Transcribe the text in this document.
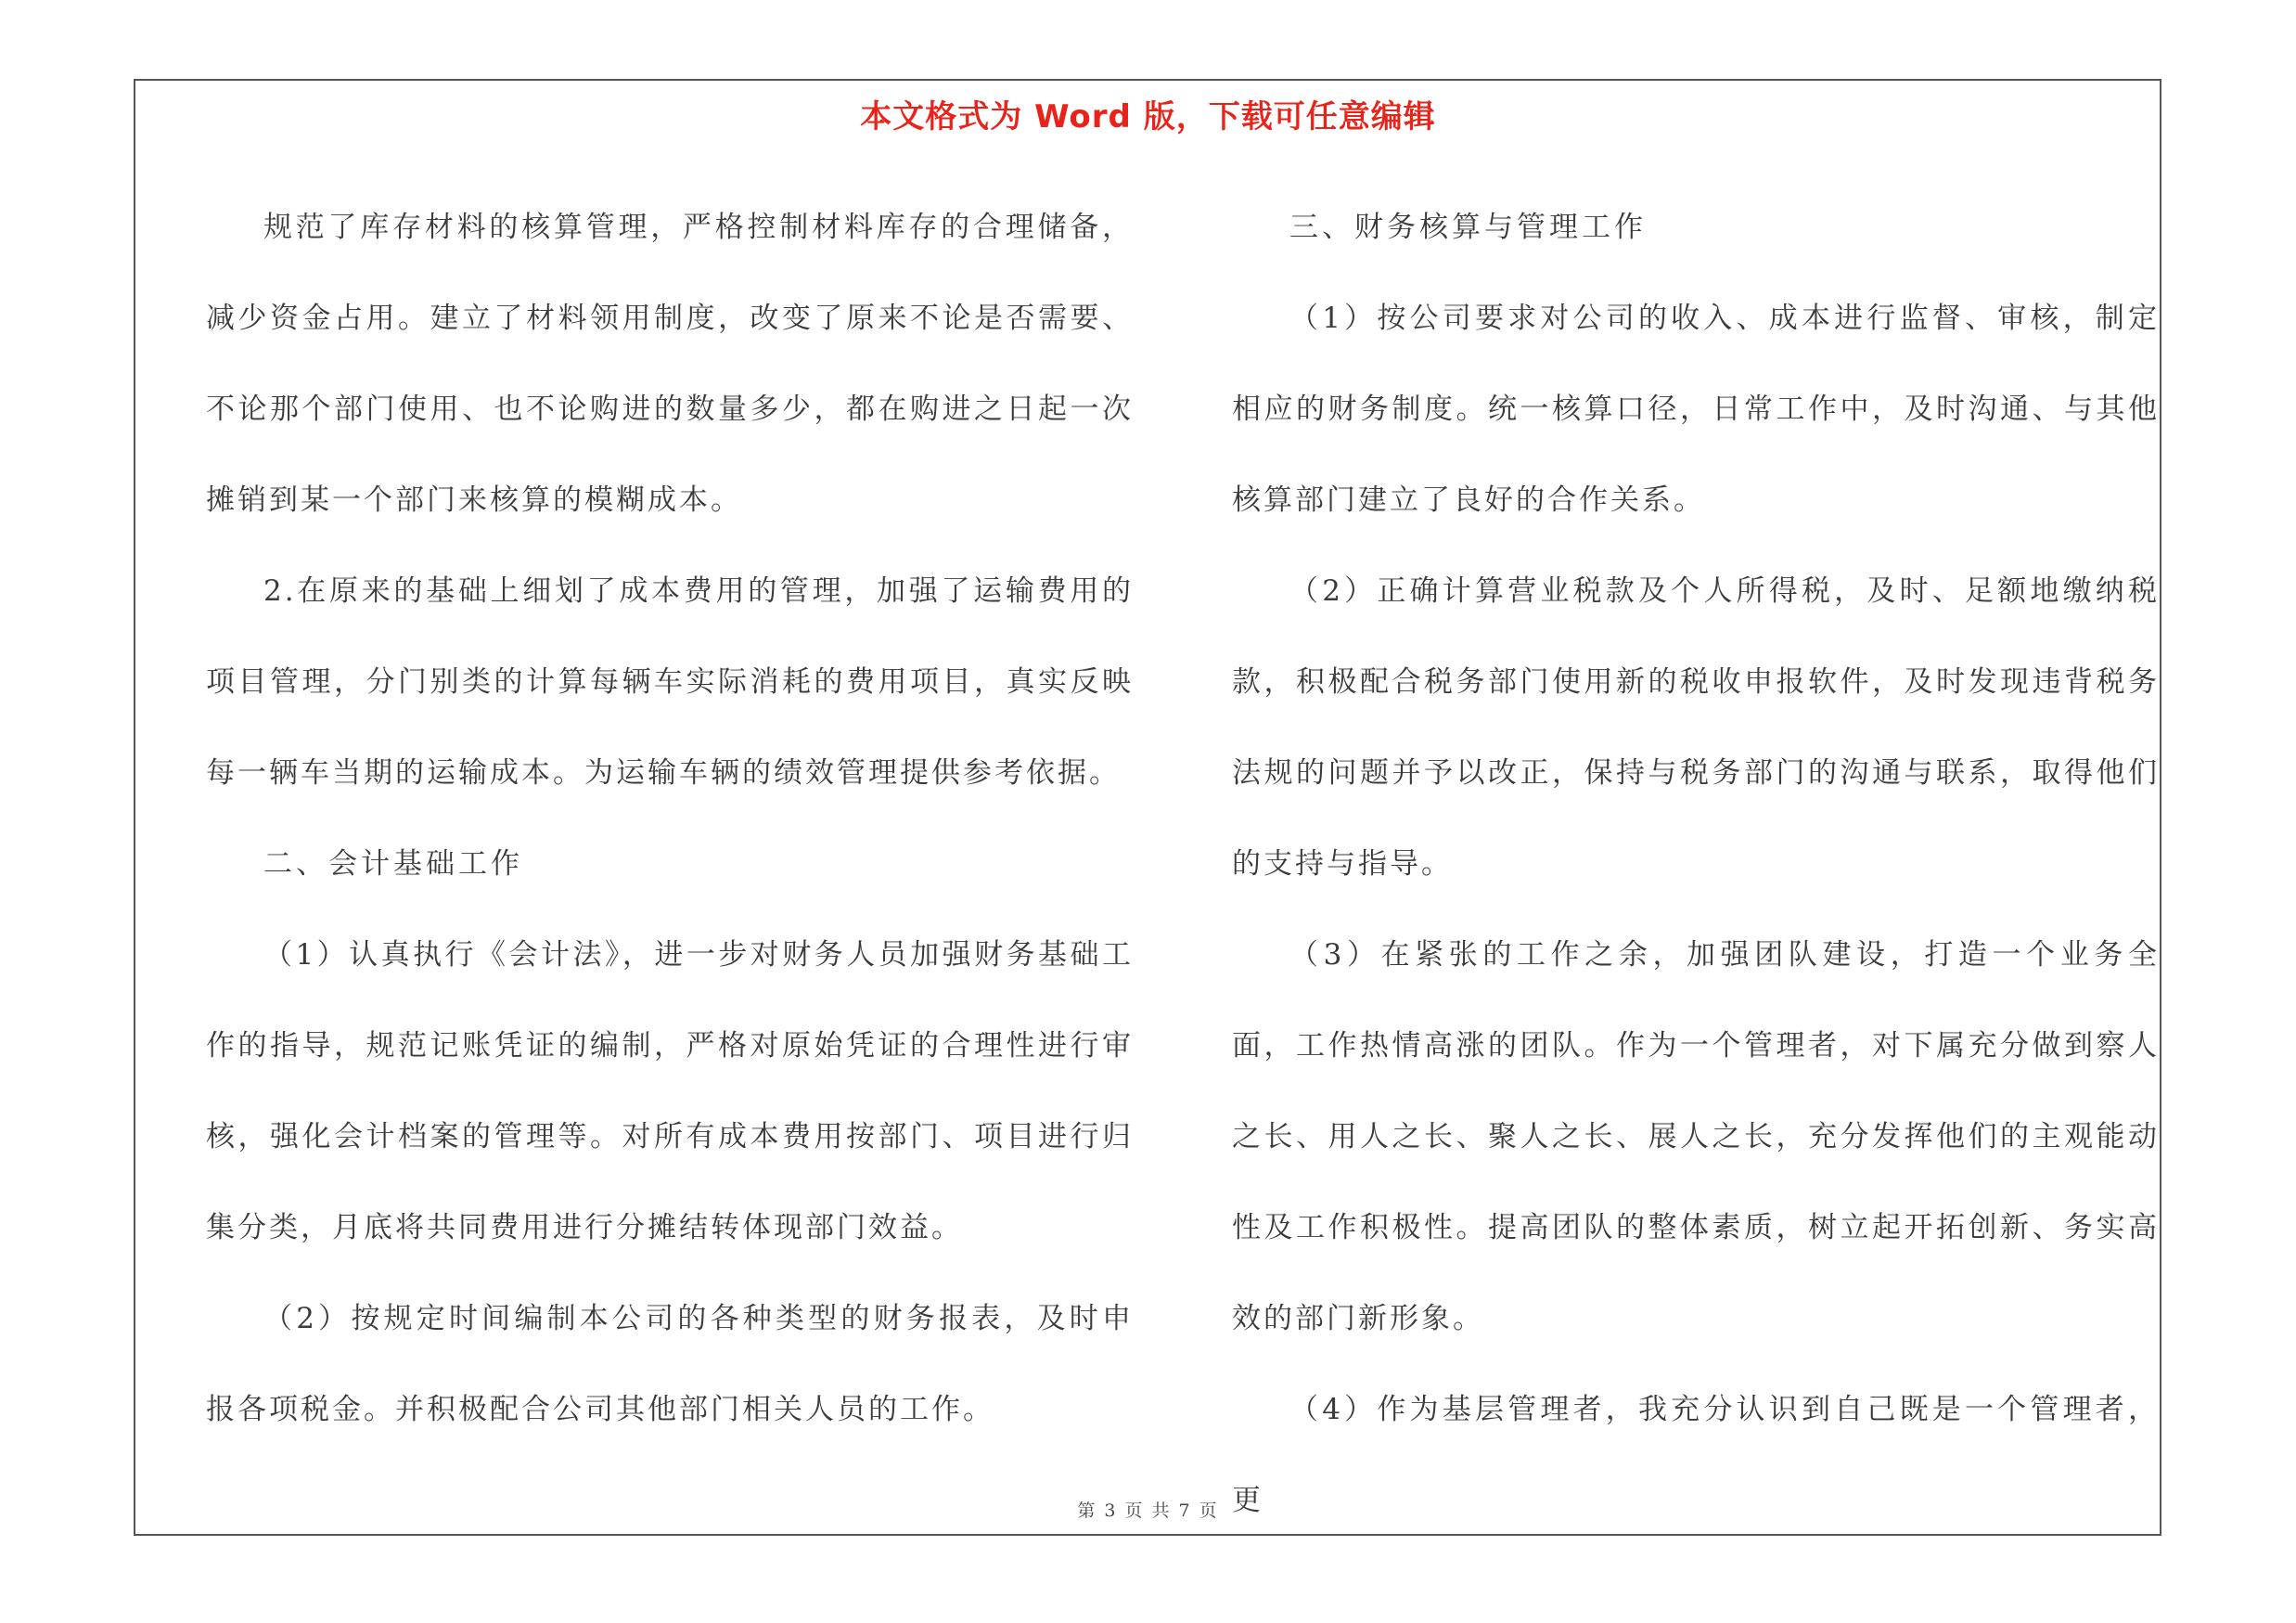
本文格式为 Word 版，下载可任意编辑

规范了库存材料的核算管理，严格控制材料库存的合理储备，减少资金占用。建立了材料领用制度，改变了原来不论是否需要、不论那个部门使用、也不论购进的数量多少，都在购进之日起一次摊销到某一个部门来核算的模糊成本。

2.在原来的基础上细划了成本费用的管理，加强了运输费用的项目管理，分门别类的计算每辆车实际消耗的费用项目，真实反映每一辆车当期的运输成本。为运输车辆的绩效管理提供参考依据。

二、会计基础工作

（1）认真执行《会计法》，进一步对财务人员加强财务基础工作的指导，规范记账凭证的编制，严格对原始凭证的合理性进行审核，强化会计档案的管理等。对所有成本费用按部门、项目进行归集分类，月底将共同费用进行分摊结转体现部门效益。

（2）按规定时间编制本公司的各种类型的财务报表，及时申报各项税金。并积极配合公司其他部门相关人员的工作。

三、财务核算与管理工作

（1）按公司要求对公司的收入、成本进行监督、审核，制定相应的财务制度。统一核算口径，日常工作中，及时沟通、与其他核算部门建立了良好的合作关系。

（2）正确计算营业税款及个人所得税，及时、足额地缴纳税款，积极配合税务部门使用新的税收申报软件，及时发现违背税务法规的问题并予以改正，保持与税务部门的沟通与联系，取得他们的支持与指导。

（3）在紧张的工作之余，加强团队建设，打造一个业务全面，工作热情高涨的团队。作为一个管理者，对下属充分做到察人之长、用人之长、聚人之长、展人之长，充分发挥他们的主观能动性及工作积极性。提高团队的整体素质，树立起开拓创新、务实高效的部门新形象。

（4）作为基层管理者，我充分认识到自己既是一个管理者，更

第 3 页 共 7 页
